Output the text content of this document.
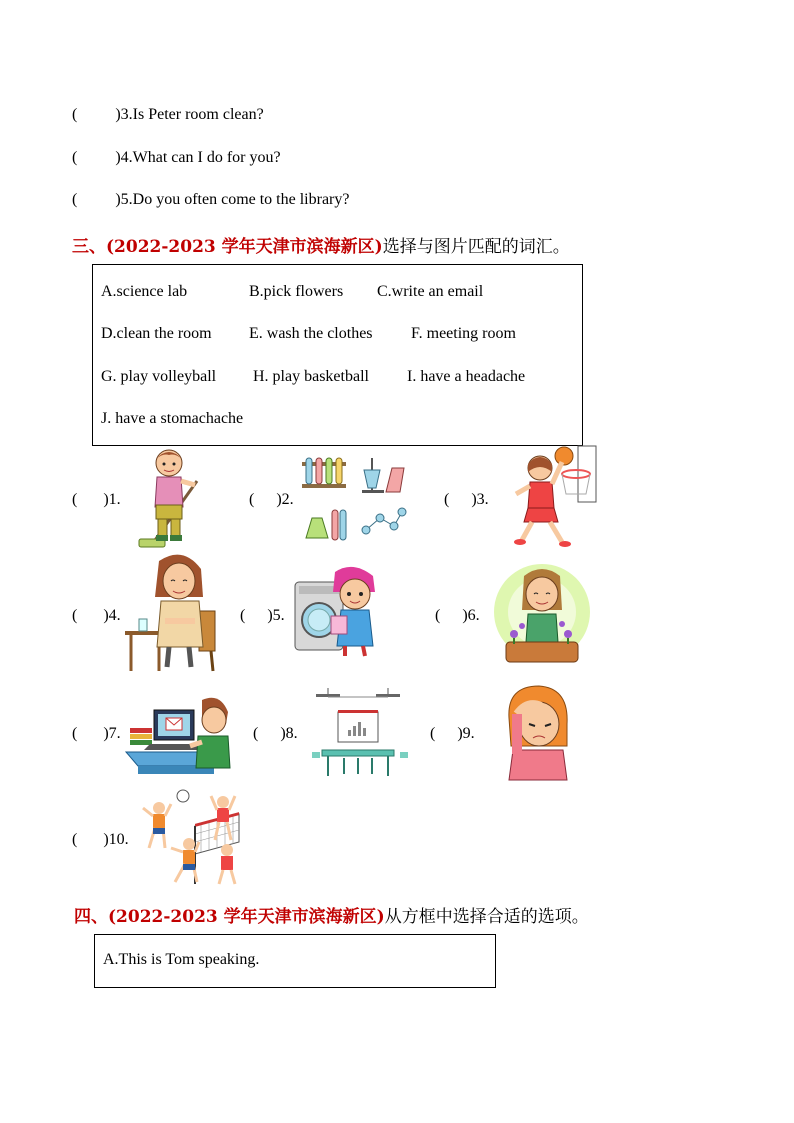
( )3.Is Peter room clean?
( )4.What can I do for you?
( )5.Do you often come to the library?
三、(2022-2023 学年天津市滨海新区)选择与图片匹配的词汇。
A.science lab	B.pick flowers C.write an email
D.clean the room E. wash the clothes F. meeting room
G. play volleyball H. play basketball I. have a headache
J. have a stomachache
( )1.	( )2.	( )3.
( )4.	( )5.	( )6.
( )7.	( )8.	( )9.
( )10.
四、(2022-2023 学年天津市滨海新区)从方框中选择合适的选项。
A.This is Tom speaking.
